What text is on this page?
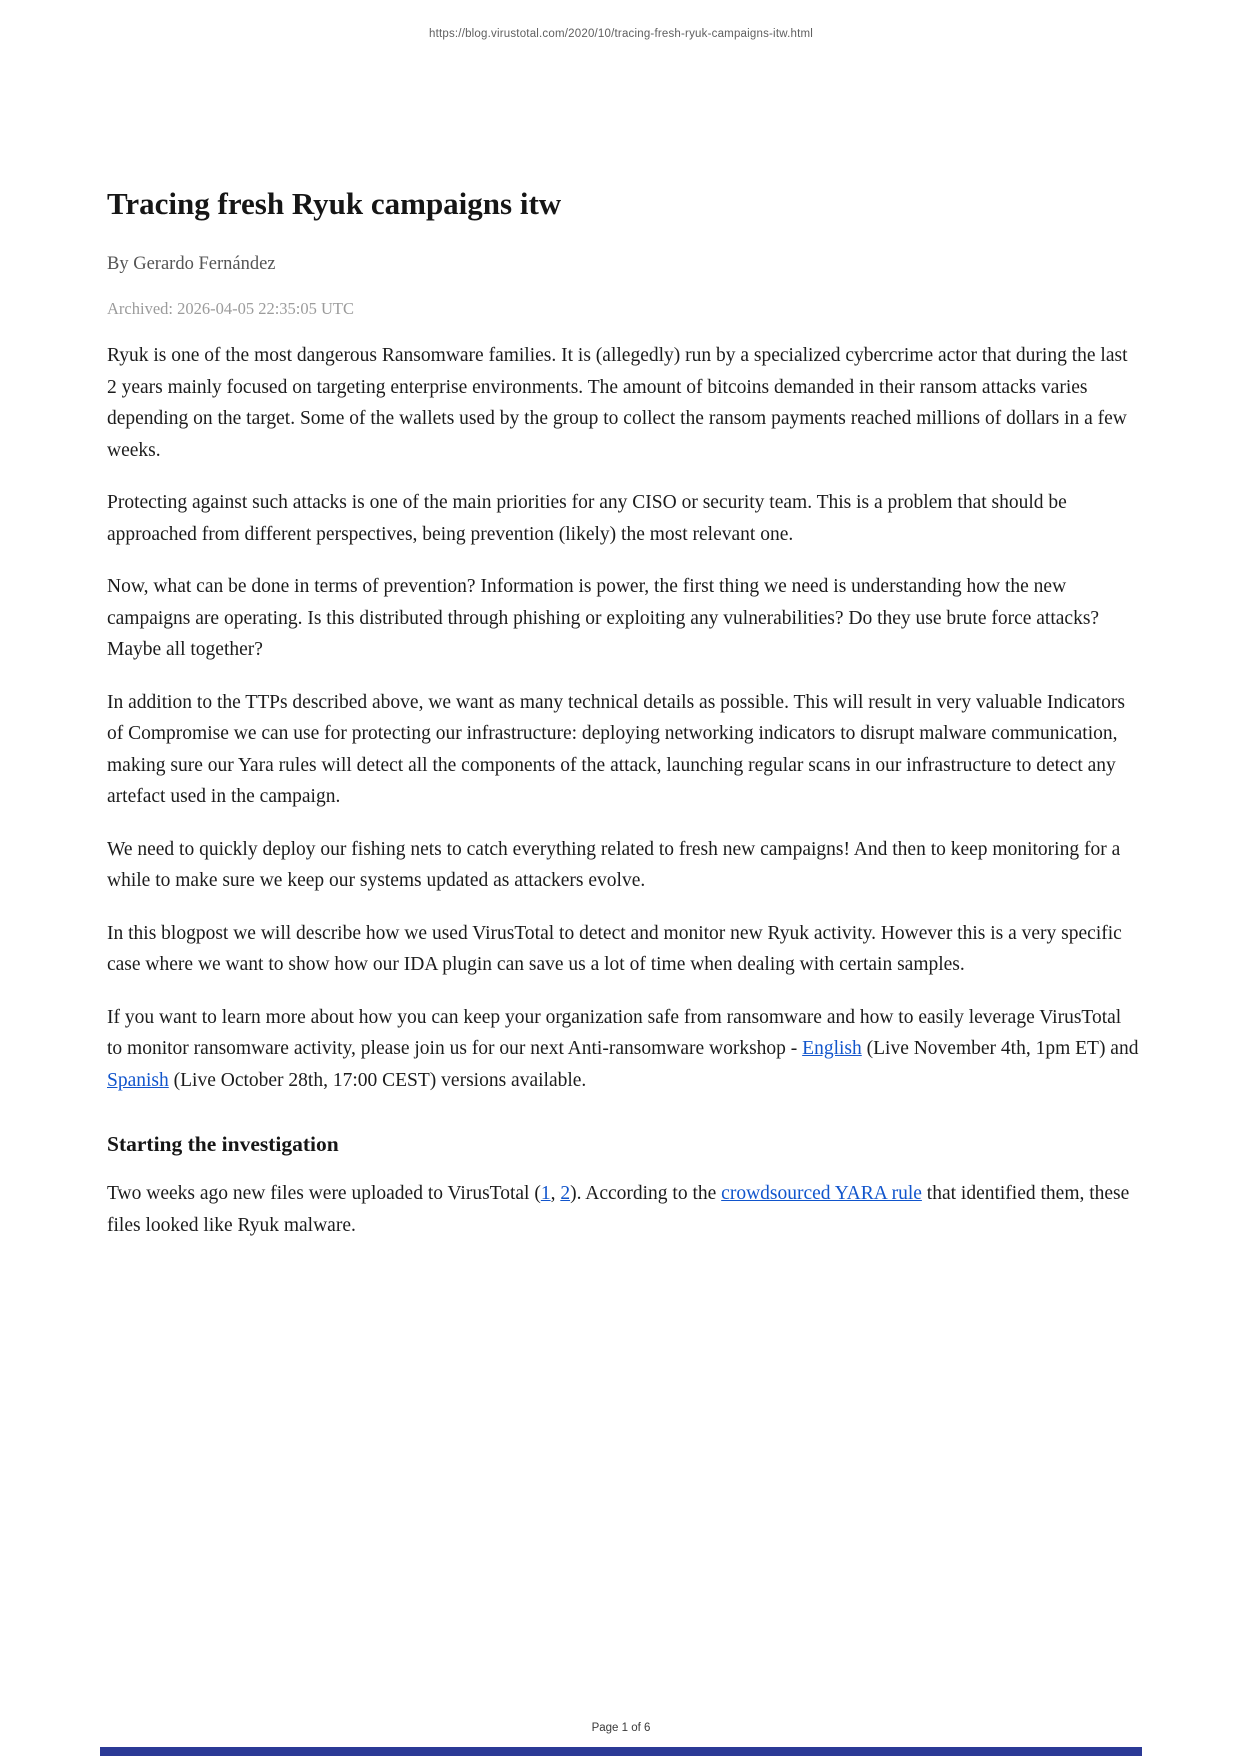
https://blog.virustotal.com/2020/10/tracing-fresh-ryuk-campaigns-itw.html
Tracing fresh Ryuk campaigns itw
By Gerardo Fernández
Archived: 2026-04-05 22:35:05 UTC

Ryuk is one of the most dangerous Ransomware families. It is (allegedly) run by a specialized cybercrime actor that during the last 2 years mainly focused on targeting enterprise environments. The amount of bitcoins demanded in their ransom attacks varies depending on the target. Some of the wallets used by the group to collect the ransom payments reached millions of dollars in a few weeks.

Protecting against such attacks is one of the main priorities for any CISO or security team. This is a problem that should be approached from different perspectives, being prevention (likely) the most relevant one.

Now, what can be done in terms of prevention? Information is power, the first thing we need is understanding how the new campaigns are operating. Is this distributed through phishing or exploiting any vulnerabilities? Do they use brute force attacks? Maybe all together?

In addition to the TTPs described above, we want as many technical details as possible. This will result in very valuable Indicators of Compromise we can use for protecting our infrastructure: deploying networking indicators to disrupt malware communication, making sure our Yara rules will detect all the components of the attack, launching regular scans in our infrastructure to detect any artefact used in the campaign.

We need to quickly deploy our fishing nets to catch everything related to fresh new campaigns! And then to keep monitoring for a while to make sure we keep our systems updated as attackers evolve.

In this blogpost we will describe how we used VirusTotal to detect and monitor new Ryuk activity. However this is a very specific case where we want to show how our IDA plugin can save us a lot of time when dealing with certain samples.

If you want to learn more about how you can keep your organization safe from ransomware and how to easily leverage VirusTotal to monitor ransomware activity, please join us for our next Anti-ransomware workshop - English (Live November 4th, 1pm ET) and Spanish (Live October 28th, 17:00 CEST) versions available.

Starting the investigation

Two weeks ago new files were uploaded to VirusTotal (1, 2). According to the crowdsourced YARA rule that identified them, these files looked like Ryuk malware.

Page 1 of 6
